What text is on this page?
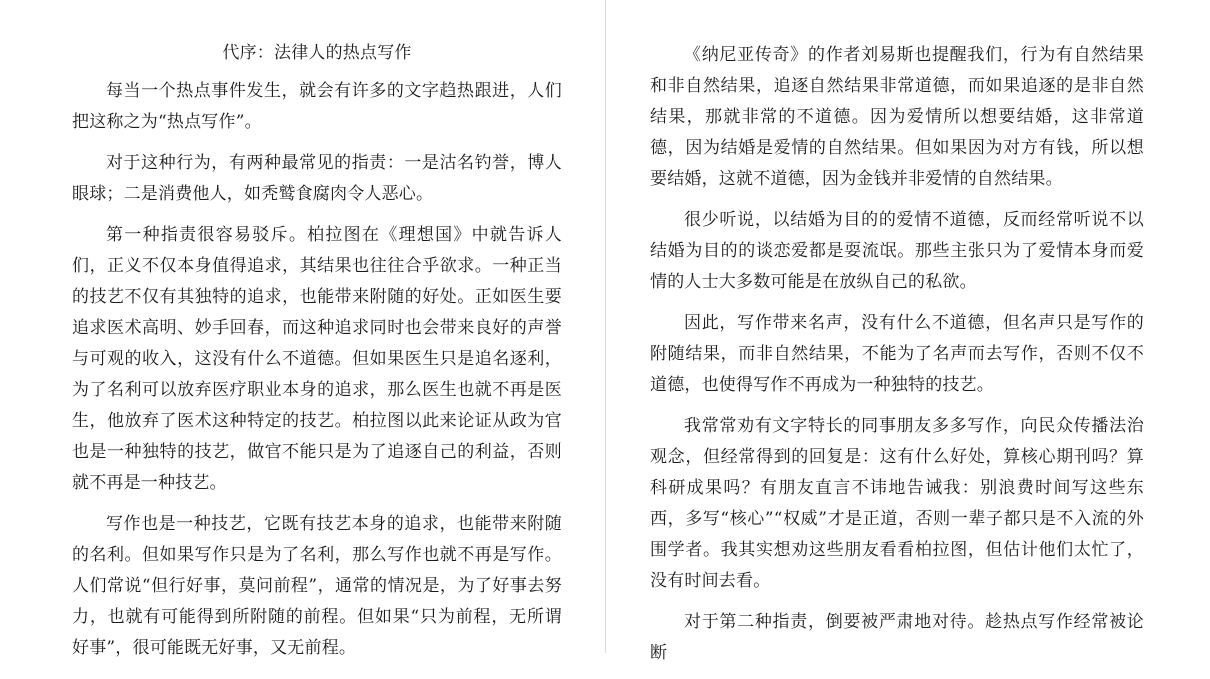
代序：法律人的热点写作

每当一个热点事件发生，就会有许多的文字趋热跟进，人们把这称之为“热点写作”。

对于这种行为，有两种最常见的指责：一是沽名钓誉，博人眼球；二是消费他人，如秃鹫食腐肉令人恶心。

第一种指责很容易驳斥。柏拉图在《理想国》中就告诉人们，正义不仅本身值得追求，其结果也往往合乎欲求。一种正当的技艺不仅有其独特的追求，也能带来附随的好处。正如医生要追求医术高明、妙手回春，而这种追求同时也会带来良好的声誉与可观的收入，这没有什么不道德。但如果医生只是追名逐利，为了名利可以放弃医疗职业本身的追求，那么医生也就不再是医生，他放弃了医术这种特定的技艺。柏拉图以此来论证从政为官也是一种独特的技艺，做官不能只是为了追逐自己的利益，否则就不再是一种技艺。

写作也是一种技艺，它既有技艺本身的追求，也能带来附随的名利。但如果写作只是为了名利，那么写作也就不再是写作。人们常说“但行好事，莫问前程”，通常的情况是，为了好事去努力，也就有可能得到所附随的前程。但如果“只为前程，无所谓好事”，很可能既无好事，又无前程。

《纳尼亚传奇》的作者刘易斯也提醒我们，行为有自然结果和非自然结果，追逐自然结果非常道德，而如果追逐的是非自然结果，那就非常的不道德。因为爱情所以想要结婚，这非常道德，因为结婚是爱情的自然结果。但如果因为对方有钱，所以想要结婚，这就不道德，因为金钱并非爱情的自然结果。

很少听说，以结婚为目的的爱情不道德，反而经常听说不以结婚为目的的谈恋爱都是耍流氓。那些主张只为了爱情本身而爱情的人士大多数可能是在放纵自己的私欲。

因此，写作带来名声，没有什么不道德，但名声只是写作的附随结果，而非自然结果，不能为了名声而去写作，否则不仅不道德，也使得写作不再成为一种独特的技艺。

我常常劝有文字特长的同事朋友多多写作，向民众传播法治观念，但经常得到的回复是：这有什么好处，算核心期刊吗？算科研成果吗？有朋友直言不讳地告诫我：别浪费时间写这些东西，多写“核心”“权威”才是正道，否则一辈子都只是不入流的外围学者。我其实想劝这些朋友看看柏拉图，但估计他们太忙了，没有时间去看。

对于第二种指责，倒要被严肃地对待。趁热点写作经常被论断
